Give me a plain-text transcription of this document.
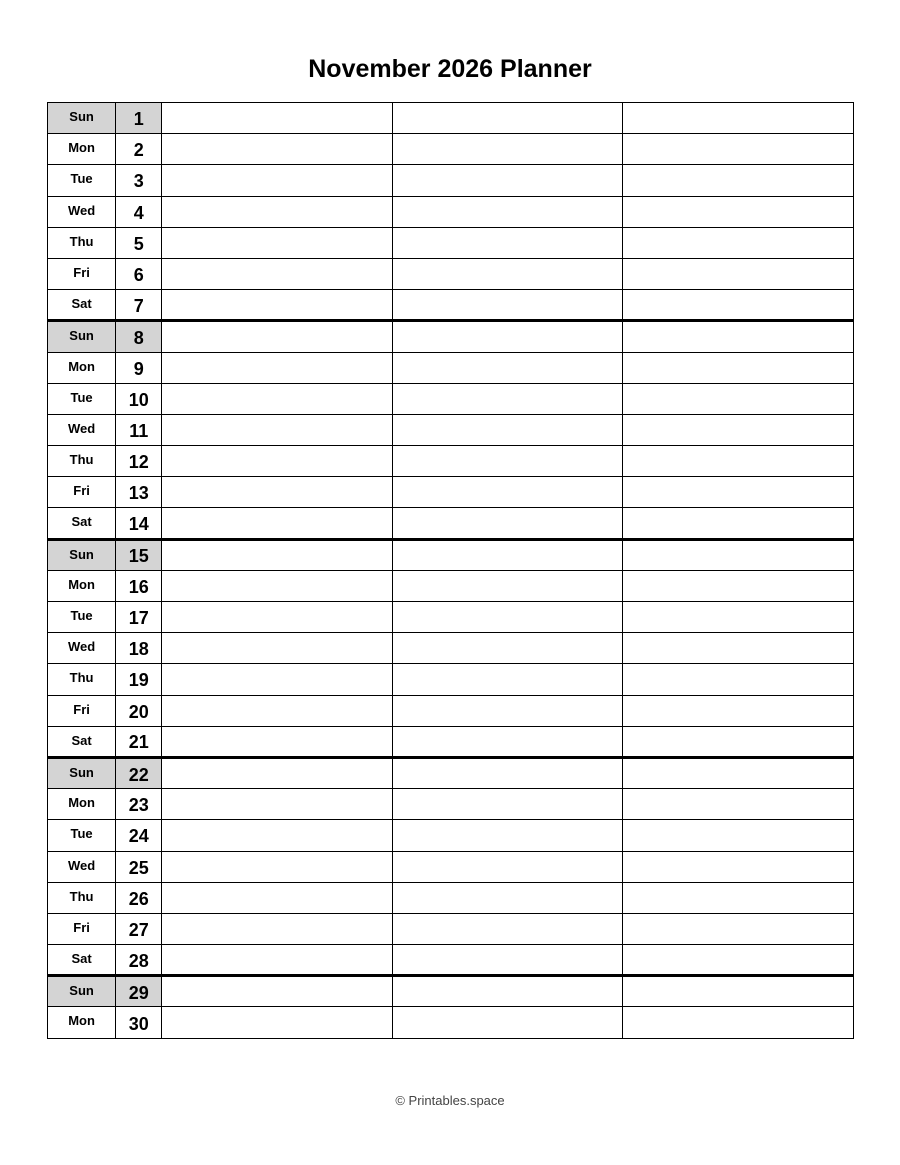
November 2026 Planner
Sun	1			
Mon	2			
Tue	3			
Wed	4			
Thu	5			
Fri	6			
Sat	7			
Sun	8			
Mon	9			
Tue	10			
Wed	11			
Thu	12			
Fri	13			
Sat	14			
Sun	15			
Mon	16			
Tue	17			
Wed	18			
Thu	19			
Fri	20			
Sat	21			
Sun	22			
Mon	23			
Tue	24			
Wed	25			
Thu	26			
Fri	27			
Sat	28			
Sun	29			
Mon	30			
© Printables.space
